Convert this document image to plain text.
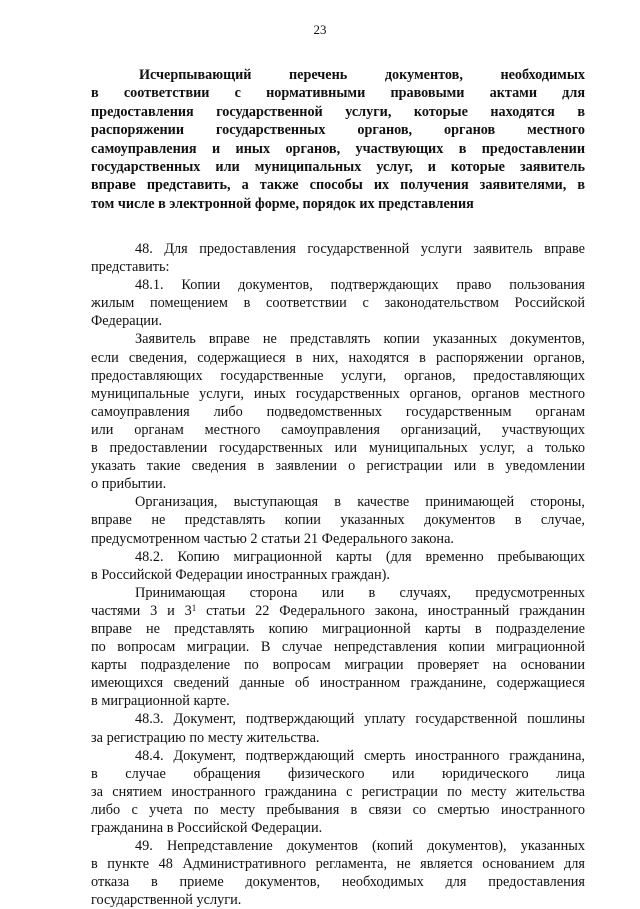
23
Исчерпывающий перечень документов, необходимых
в соответствии с нормативными правовыми актами для
предоставления государственной услуги, которые находятся в
распоряжении государственных органов, органов местного
самоуправления и иных органов, участвующих в предоставлении
государственных или муниципальных услуг, и которые заявитель
вправе представить, а также способы их получения заявителями, в
том числе в электронной форме, порядок их представления
48. Для предоставления государственной услуги заявитель вправе
представить:
48.1. Копии документов, подтверждающих право пользования
жилым помещением в соответствии с законодательством Российской
Федерации.
Заявитель вправе не представлять копии указанных документов,
если сведения, содержащиеся в них, находятся в распоряжении органов,
предоставляющих государственные услуги, органов, предоставляющих
муниципальные услуги, иных государственных органов, органов местного
самоуправления либо подведомственных государственным органам
или органам местного самоуправления организаций, участвующих
в предоставлении государственных или муниципальных услуг, а только
указать такие сведения в заявлении о регистрации или в уведомлении
о прибытии.
Организация, выступающая в качестве принимающей стороны,
вправе не представлять копии указанных документов в случае,
предусмотренном частью 2 статьи 21 Федерального закона.
48.2. Копию миграционной карты (для временно пребывающих
в Российской Федерации иностранных граждан).
Принимающая сторона или в случаях, предусмотренных
частями 3 и $3^1$ статьи 22 Федерального закона, иностранный гражданин
вправе не представлять копию миграционной карты в подразделение
по вопросам миграции. В случае непредставления копии миграционной
карты подразделение по вопросам миграции проверяет на основании
имеющихся сведений данные об иностранном гражданине, содержащиеся
в миграционной карте.
48.3. Документ, подтверждающий уплату государственной пошлины
за регистрацию по месту жительства.
48.4. Документ, подтверждающий смерть иностранного гражданина,
в случае обращения физического или юридического лица
за снятием иностранного гражданина с регистрации по месту жительства
либо с учета по месту пребывания в связи со смертью иностранного
гражданина в Российской Федерации.
49. Непредставление документов (копий документов), указанных
в пункте 48 Административного регламента, не является основанием для
отказа в приеме документов, необходимых для предоставления
государственной услуги.
